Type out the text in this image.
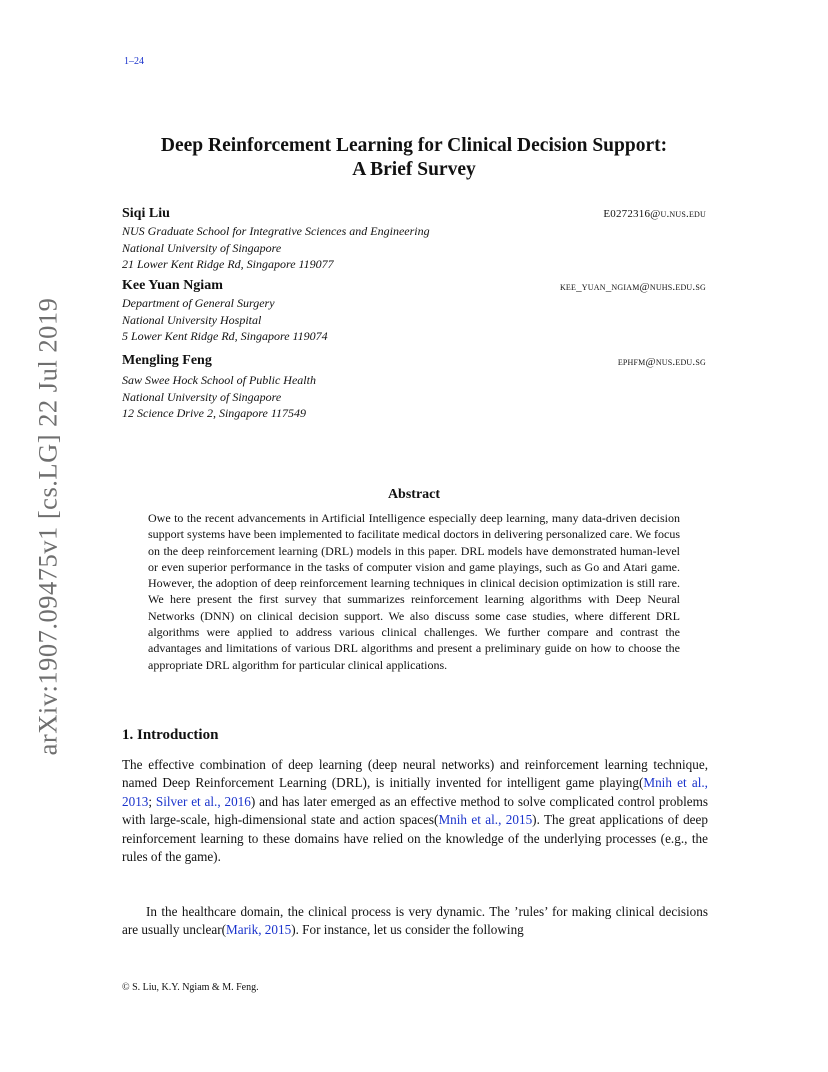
1–24
arXiv:1907.09475v1 [cs.LG] 22 Jul 2019
Deep Reinforcement Learning for Clinical Decision Support:
A Brief Survey
Siqi Liu	E0272316@u.nus.edu
NUS Graduate School for Integrative Sciences and Engineering
National University of Singapore
21 Lower Kent Ridge Rd, Singapore 119077
Kee Yuan Ngiam	kee_yuan_ngiam@nuhs.edu.sg
Department of General Surgery
National University Hospital
5 Lower Kent Ridge Rd, Singapore 119074
Mengling Feng	ephfm@nus.edu.sg
Saw Swee Hock School of Public Health
National University of Singapore
12 Science Drive 2, Singapore 117549
Abstract
Owe to the recent advancements in Artificial Intelligence especially deep learning, many data-driven decision support systems have been implemented to facilitate medical doctors in delivering personalized care. We focus on the deep reinforcement learning (DRL) models in this paper. DRL models have demonstrated human-level or even superior performance in the tasks of computer vision and game playings, such as Go and Atari game. However, the adoption of deep reinforcement learning techniques in clinical decision optimization is still rare. We here present the first survey that summarizes reinforcement learning algorithms with Deep Neural Networks (DNN) on clinical decision support. We also discuss some case studies, where different DRL algorithms were applied to address various clinical challenges. We further compare and contrast the advantages and limitations of various DRL algorithms and present a preliminary guide on how to choose the appropriate DRL algorithm for particular clinical applications.
1. Introduction
The effective combination of deep learning (deep neural networks) and reinforcement learning technique, named Deep Reinforcement Learning (DRL), is initially invented for intelligent game playing(Mnih et al., 2013; Silver et al., 2016) and has later emerged as an effective method to solve complicated control problems with large-scale, high-dimensional state and action spaces(Mnih et al., 2015). The great applications of deep reinforcement learning to these domains have relied on the knowledge of the underlying processes (e.g., the rules of the game).
In the healthcare domain, the clinical process is very dynamic. The ’rules’ for making clinical decisions are usually unclear(Marik, 2015). For instance, let us consider the following
© S. Liu, K.Y. Ngiam & M. Feng.
